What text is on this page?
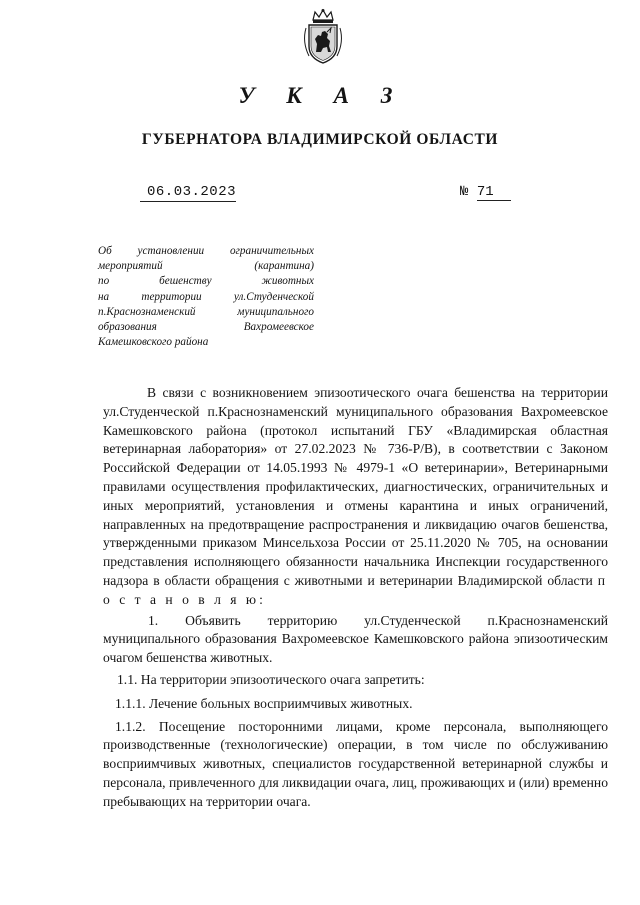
У К А З
ГУБЕРНАТОРА ВЛАДИМИРСКОЙ ОБЛАСТИ
06.03.2023	№ 71
Об установлении ограничительных
мероприятий (карантина)
по бешенству животных
на территории ул.Студенческой
п.Краснознаменский муниципального
образования Вахромеевское
Камешковского района

В связи с возникновением эпизоотического очага бешенства на территории ул.Студенческой п.Краснознаменский муниципального образования Вахромеевское Камешковского района (протокол испытаний ГБУ «Владимирская областная ветеринарная лаборатория» от 27.02.2023 № 736-Р/В), в соответствии с Законом Российской Федерации от 14.05.1993 № 4979-1 «О ветеринарии», Ветеринарными правилами осуществления профилактических, диагностических, ограничительных и иных мероприятий, установления и отмены карантина и иных ограничений, направленных на предотвращение распространения и ликвидацию очагов бешенства, утвержденными приказом Минсельхоза России от 25.11.2020 № 705, на основании представления исполняющего обязанности начальника Инспекции государственного надзора в области обращения с животными и ветеринарии Владимирской области п о с т а н о в л я ю:

1. Объявить территорию ул.Студенческой п.Краснознаменский муниципального образования Вахромеевское Камешковского района эпизоотическим очагом бешенства животных.

1.1. На территории эпизоотического очага запретить:

1.1.1. Лечение больных восприимчивых животных.

1.1.2. Посещение посторонними лицами, кроме персонала, выполняющего производственные (технологические) операции, в том числе по обслуживанию восприимчивых животных, специалистов государственной ветеринарной службы и персонала, привлеченного для ликвидации очага, лиц, проживающих и (или) временно пребывающих на территории очага.
